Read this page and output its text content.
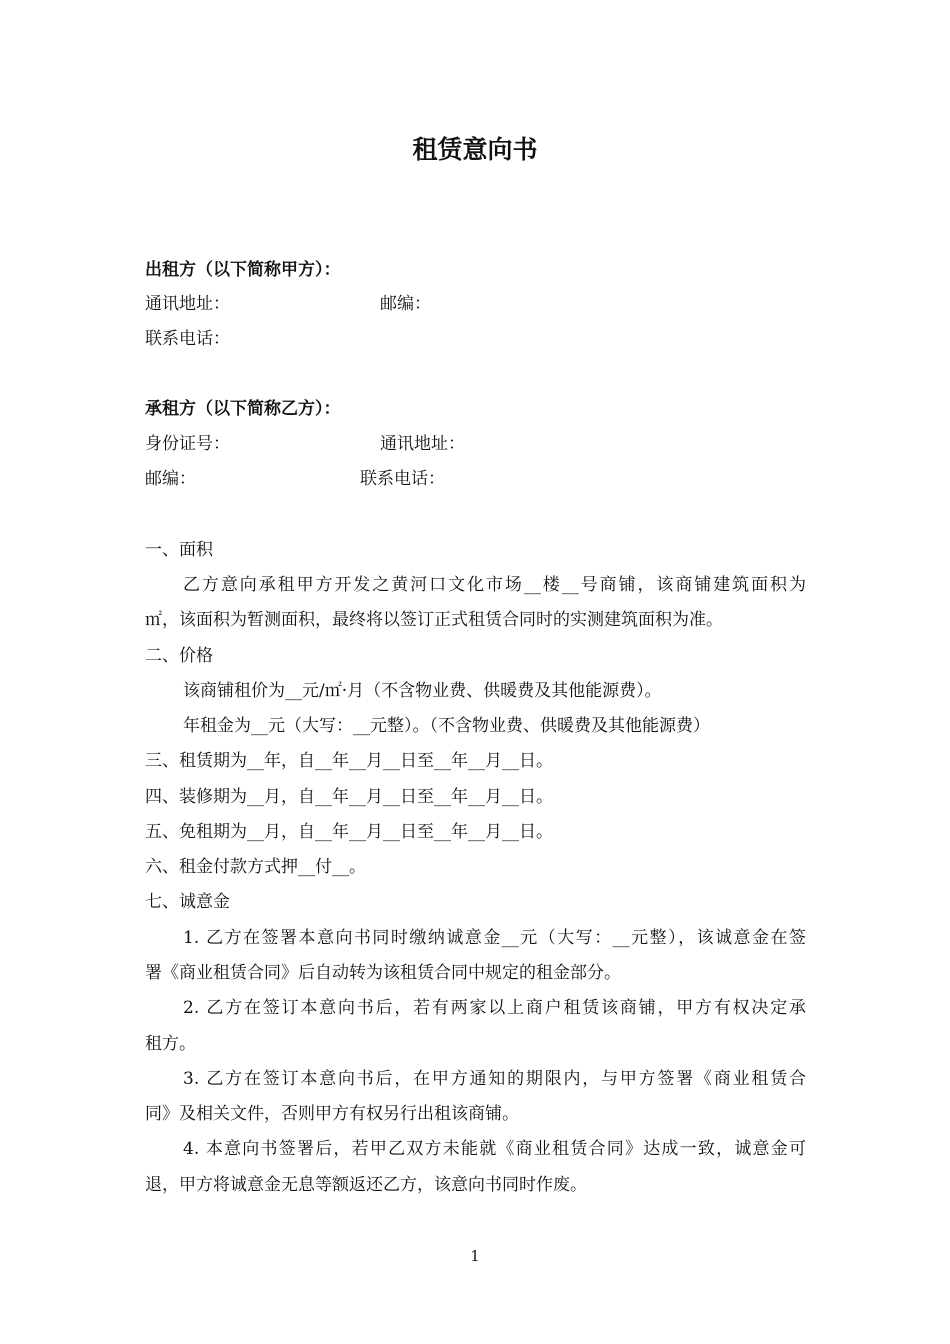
租赁意向书
出租方（以下简称甲方）：
通讯地址：	邮编：
联系电话：
承租方（以下简称乙方）：
身份证号：	通讯地址：
邮编：	联系电话：
一、面积
乙方意向承租甲方开发之黄河口文化市场__楼__号商铺，该商铺建筑面积为
㎡，该面积为暂测面积，最终将以签订正式租赁合同时的实测建筑面积为准。
二、价格
该商铺租价为__元/㎡·月（不含物业费、供暖费及其他能源费）。
年租金为__元（大写：__元整）。（不含物业费、供暖费及其他能源费）
三、租赁期为__年，自__年__月__日至__年__月__日。
四、装修期为__月，自__年__月__日至__年__月__日。
五、免租期为__月，自__年__月__日至__年__月__日。
六、租金付款方式押__付__。
七、诚意金
1. 乙方在签署本意向书同时缴纳诚意金__元（大写：__元整），该诚意金在签
署《商业租赁合同》后自动转为该租赁合同中规定的租金部分。
2. 乙方在签订本意向书后，若有两家以上商户租赁该商铺，甲方有权决定承
租方。
3. 乙方在签订本意向书后，在甲方通知的期限内，与甲方签署《商业租赁合
同》及相关文件，否则甲方有权另行出租该商铺。
4. 本意向书签署后，若甲乙双方未能就《商业租赁合同》达成一致，诚意金可
退，甲方将诚意金无息等额返还乙方，该意向书同时作废。
1
